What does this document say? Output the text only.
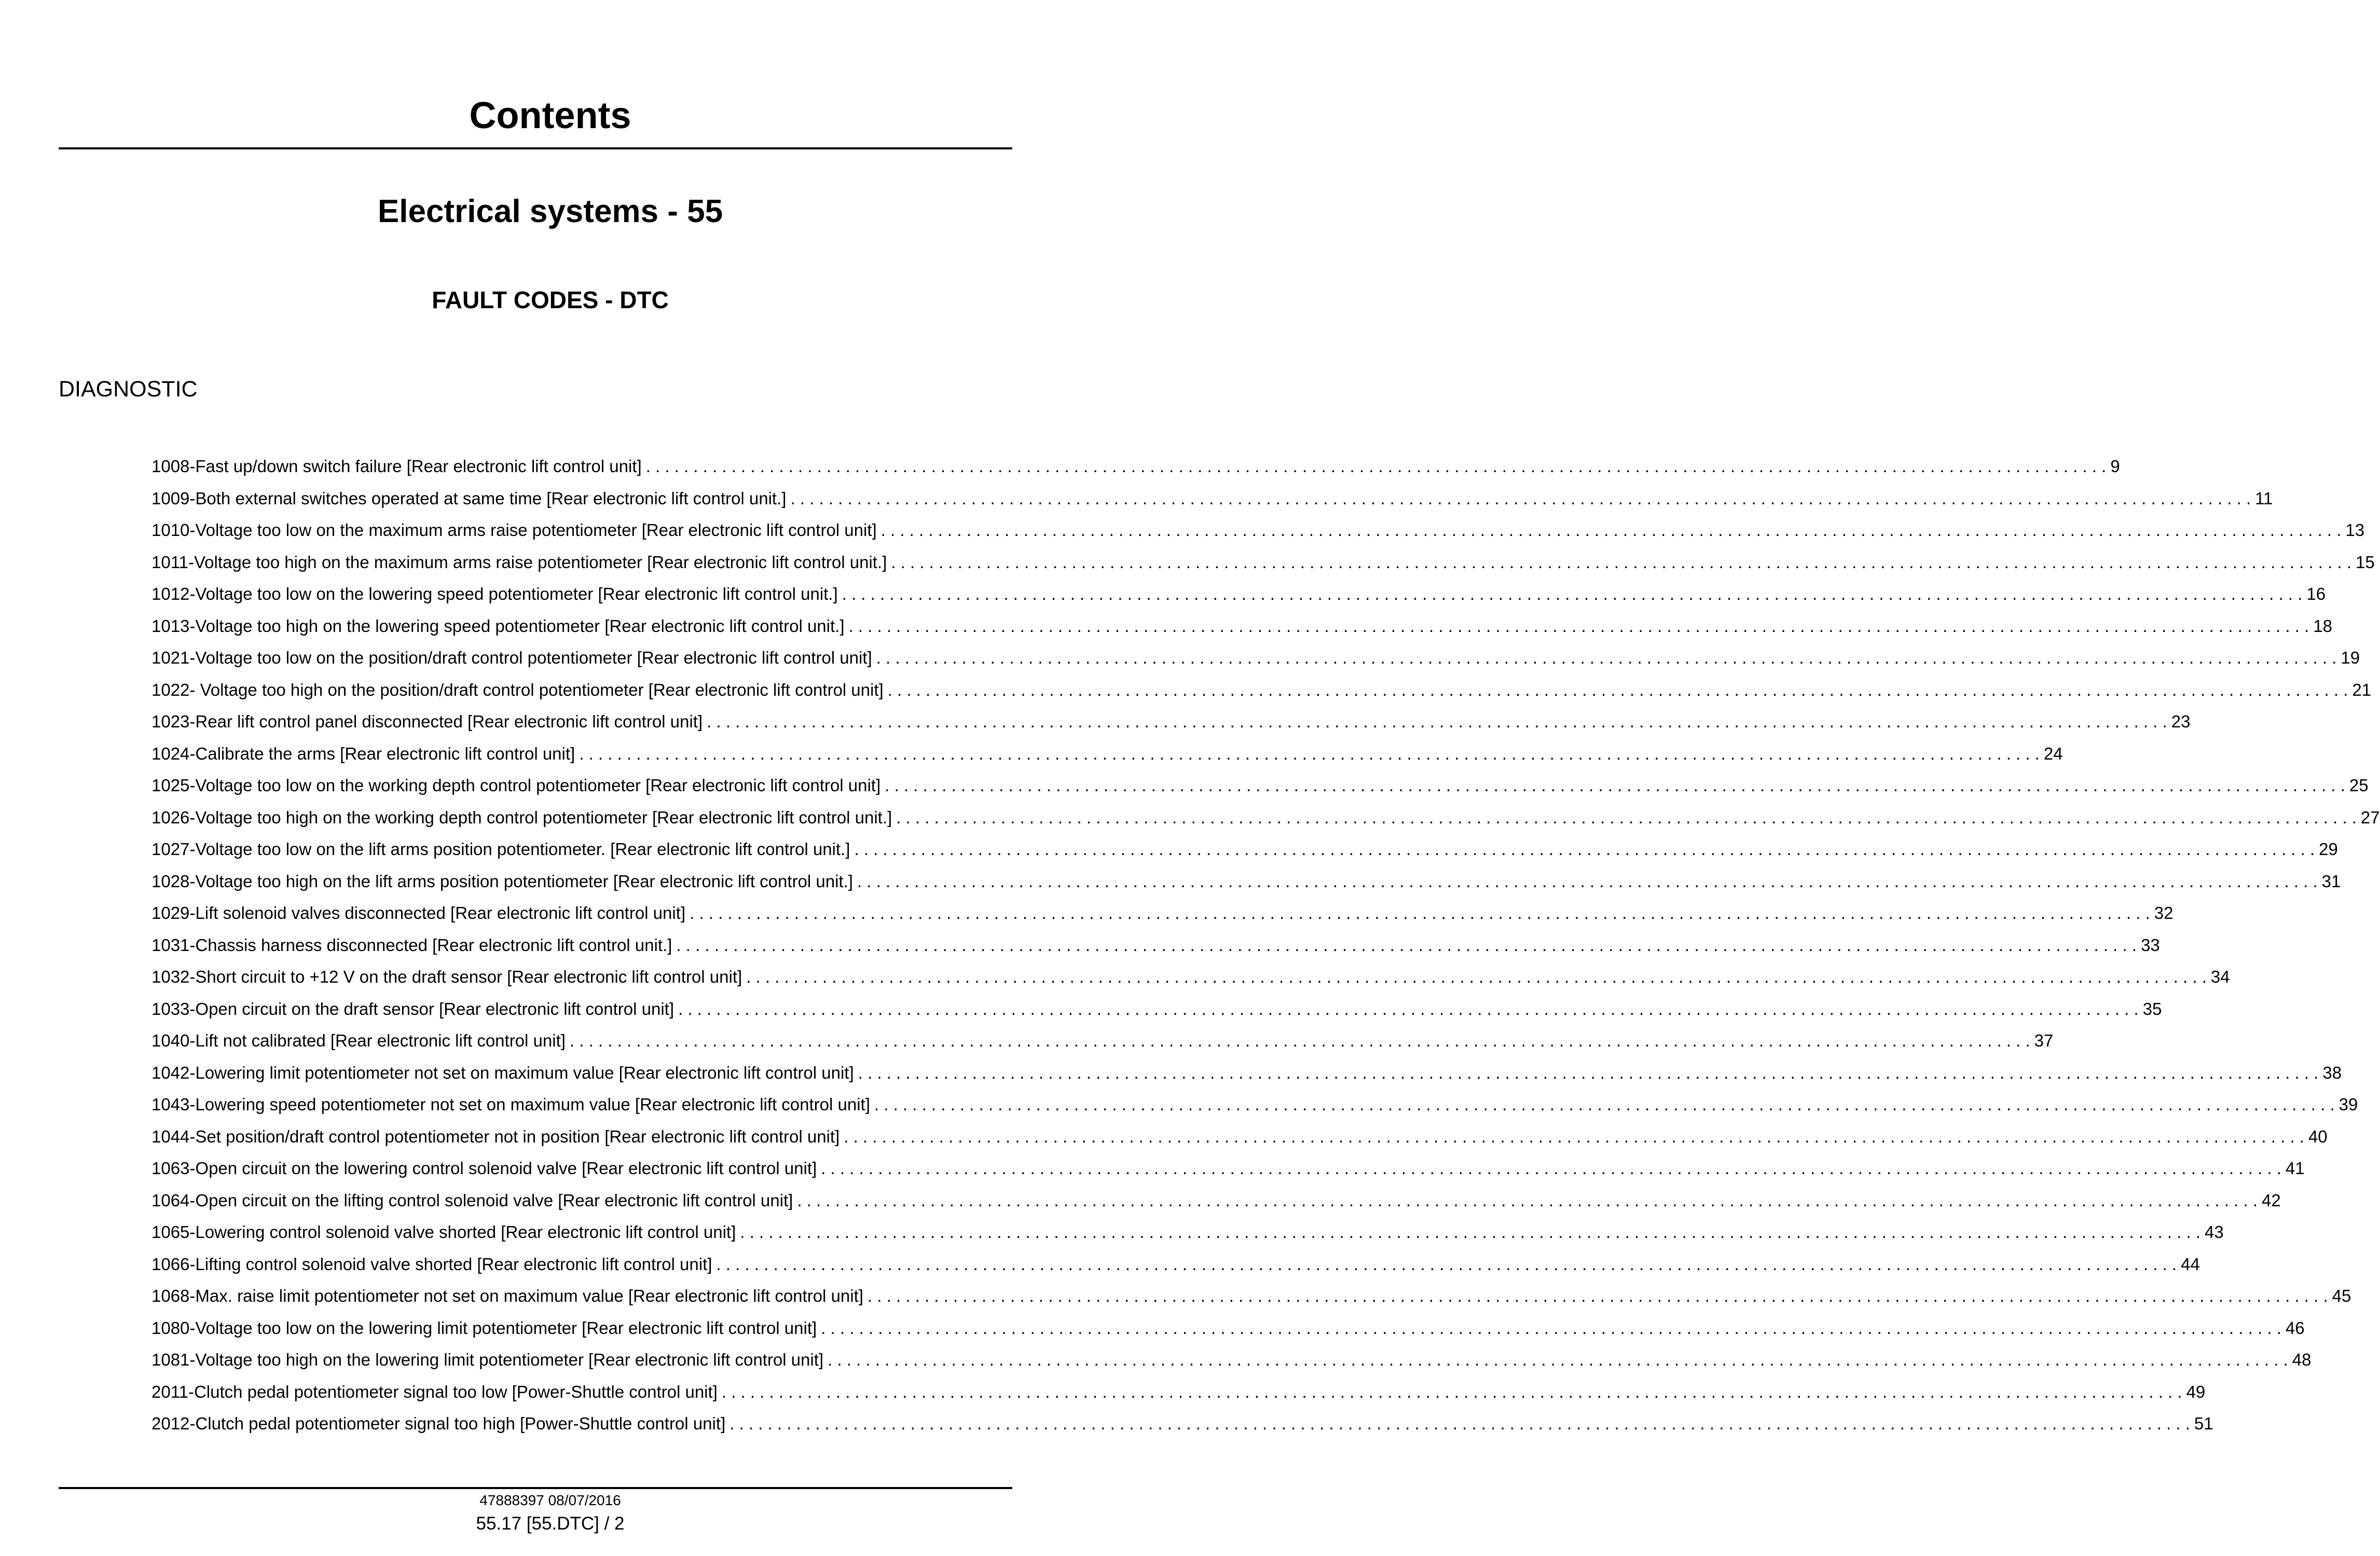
Contents
Electrical systems - 55
FAULT CODES - DTC
DIAGNOSTIC
1008-Fast up/down switch failure [Rear electronic lift control unit] . . .	9
1009-Both external switches operated at same time [Rear electronic lift control unit.] . . .	11
1010-Voltage too low on the maximum arms raise potentiometer [Rear electronic lift control unit] . . .	13
1011-Voltage too high on the maximum arms raise potentiometer [Rear electronic lift control unit.] . . .	15
1012-Voltage too low on the lowering speed potentiometer [Rear electronic lift control unit.] . . .	16
1013-Voltage too high on the lowering speed potentiometer [Rear electronic lift control unit.] . . .	18
1021-Voltage too low on the position/draft control potentiometer [Rear electronic lift control unit] . . .	19
1022- Voltage too high on the position/draft control potentiometer [Rear electronic lift control unit] . . .	21
1023-Rear lift control panel disconnected [Rear electronic lift control unit] . . .	23
1024-Calibrate the arms [Rear electronic lift control unit] . . .	24
1025-Voltage too low on the working depth control potentiometer [Rear electronic lift control unit] . . .	25
1026-Voltage too high on the working depth control potentiometer [Rear electronic lift control unit.] . . .	27
1027-Voltage too low on the lift arms position potentiometer. [Rear electronic lift control unit.] . . .	29
1028-Voltage too high on the lift arms position potentiometer [Rear electronic lift control unit.] . . .	31
1029-Lift solenoid valves disconnected [Rear electronic lift control unit] . . .	32
1031-Chassis harness disconnected [Rear electronic lift control unit.] . . .	33
1032-Short circuit to +12 V on the draft sensor [Rear electronic lift control unit] . . .	34
1033-Open circuit on the draft sensor [Rear electronic lift control unit] . . .	35
1040-Lift not calibrated [Rear electronic lift control unit] . . .	37
1042-Lowering limit potentiometer not set on maximum value [Rear electronic lift control unit] . . .	38
1043-Lowering speed potentiometer not set on maximum value [Rear electronic lift control unit] . . .	39
1044-Set position/draft control potentiometer not in position [Rear electronic lift control unit] . . .	40
1063-Open circuit on the lowering control solenoid valve [Rear electronic lift control unit] . . .	41
1064-Open circuit on the lifting control solenoid valve [Rear electronic lift control unit] . . .	42
1065-Lowering control solenoid valve shorted [Rear electronic lift control unit] . . .	43
1066-Lifting control solenoid valve shorted [Rear electronic lift control unit] . . .	44
1068-Max. raise limit potentiometer not set on maximum value [Rear electronic lift control unit] . . .	45
1080-Voltage too low on the lowering limit potentiometer [Rear electronic lift control unit] . . .	46
1081-Voltage too high on the lowering limit potentiometer [Rear electronic lift control unit] . . .	48
2011-Clutch pedal potentiometer signal too low [Power-Shuttle control unit] . . .	49
2012-Clutch pedal potentiometer signal too high [Power-Shuttle control unit] . . .	51
47888397 08/07/2016
55.17 [55.DTC] / 2
